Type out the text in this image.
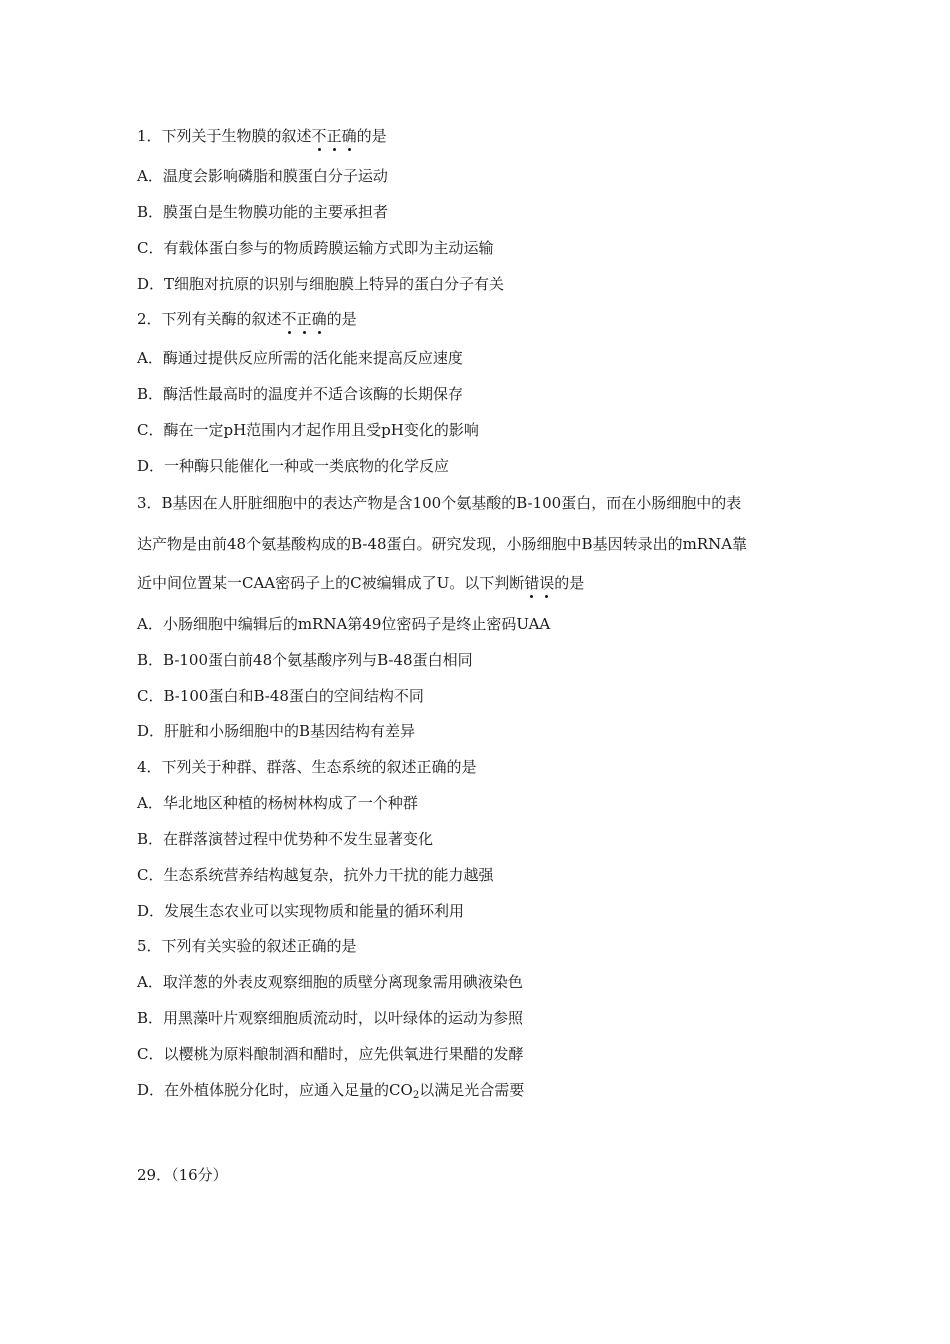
1．下列关于生物膜的叙述不正确的是
A．温度会影响磷脂和膜蛋白分子运动
B．膜蛋白是生物膜功能的主要承担者
C．有载体蛋白参与的物质跨膜运输方式即为主动运输
D．T细胞对抗原的识别与细胞膜上特异的蛋白分子有关
2．下列有关酶的叙述不正确的是
A．酶通过提供反应所需的活化能来提高反应速度
B．酶活性最高时的温度并不适合该酶的长期保存
C．酶在一定pH范围内才起作用且受pH变化的影响
D．一种酶只能催化一种或一类底物的化学反应
3．B基因在人肝脏细胞中的表达产物是含100个氨基酸的B-100蛋白，而在小肠细胞中的表
达产物是由前48个氨基酸构成的B-48蛋白。研究发现，小肠细胞中B基因转录出的mRNA靠
近中间位置某一CAA密码子上的C被编辑成了U。以下判断错误的是
A．小肠细胞中编辑后的mRNA第49位密码子是终止密码UAA
B．B-100蛋白前48个氨基酸序列与B-48蛋白相同
C．B-100蛋白和B-48蛋白的空间结构不同
D．肝脏和小肠细胞中的B基因结构有差异
4．下列关于种群、群落、生态系统的叙述正确的是
A．华北地区种植的杨树林构成了一个种群
B．在群落演替过程中优势种不发生显著变化
C．生态系统营养结构越复杂，抗外力干扰的能力越强
D．发展生态农业可以实现物质和能量的循环利用
5．下列有关实验的叙述正确的是
A．取洋葱的外表皮观察细胞的质壁分离现象需用碘液染色
B．用黑藻叶片观察细胞质流动时，以叶绿体的运动为参照
C．以樱桃为原料酿制酒和醋时，应先供氧进行果醋的发酵
D．在外植体脱分化时，应通入足量的$CO_2$以满足光合需要
29．（16分）
